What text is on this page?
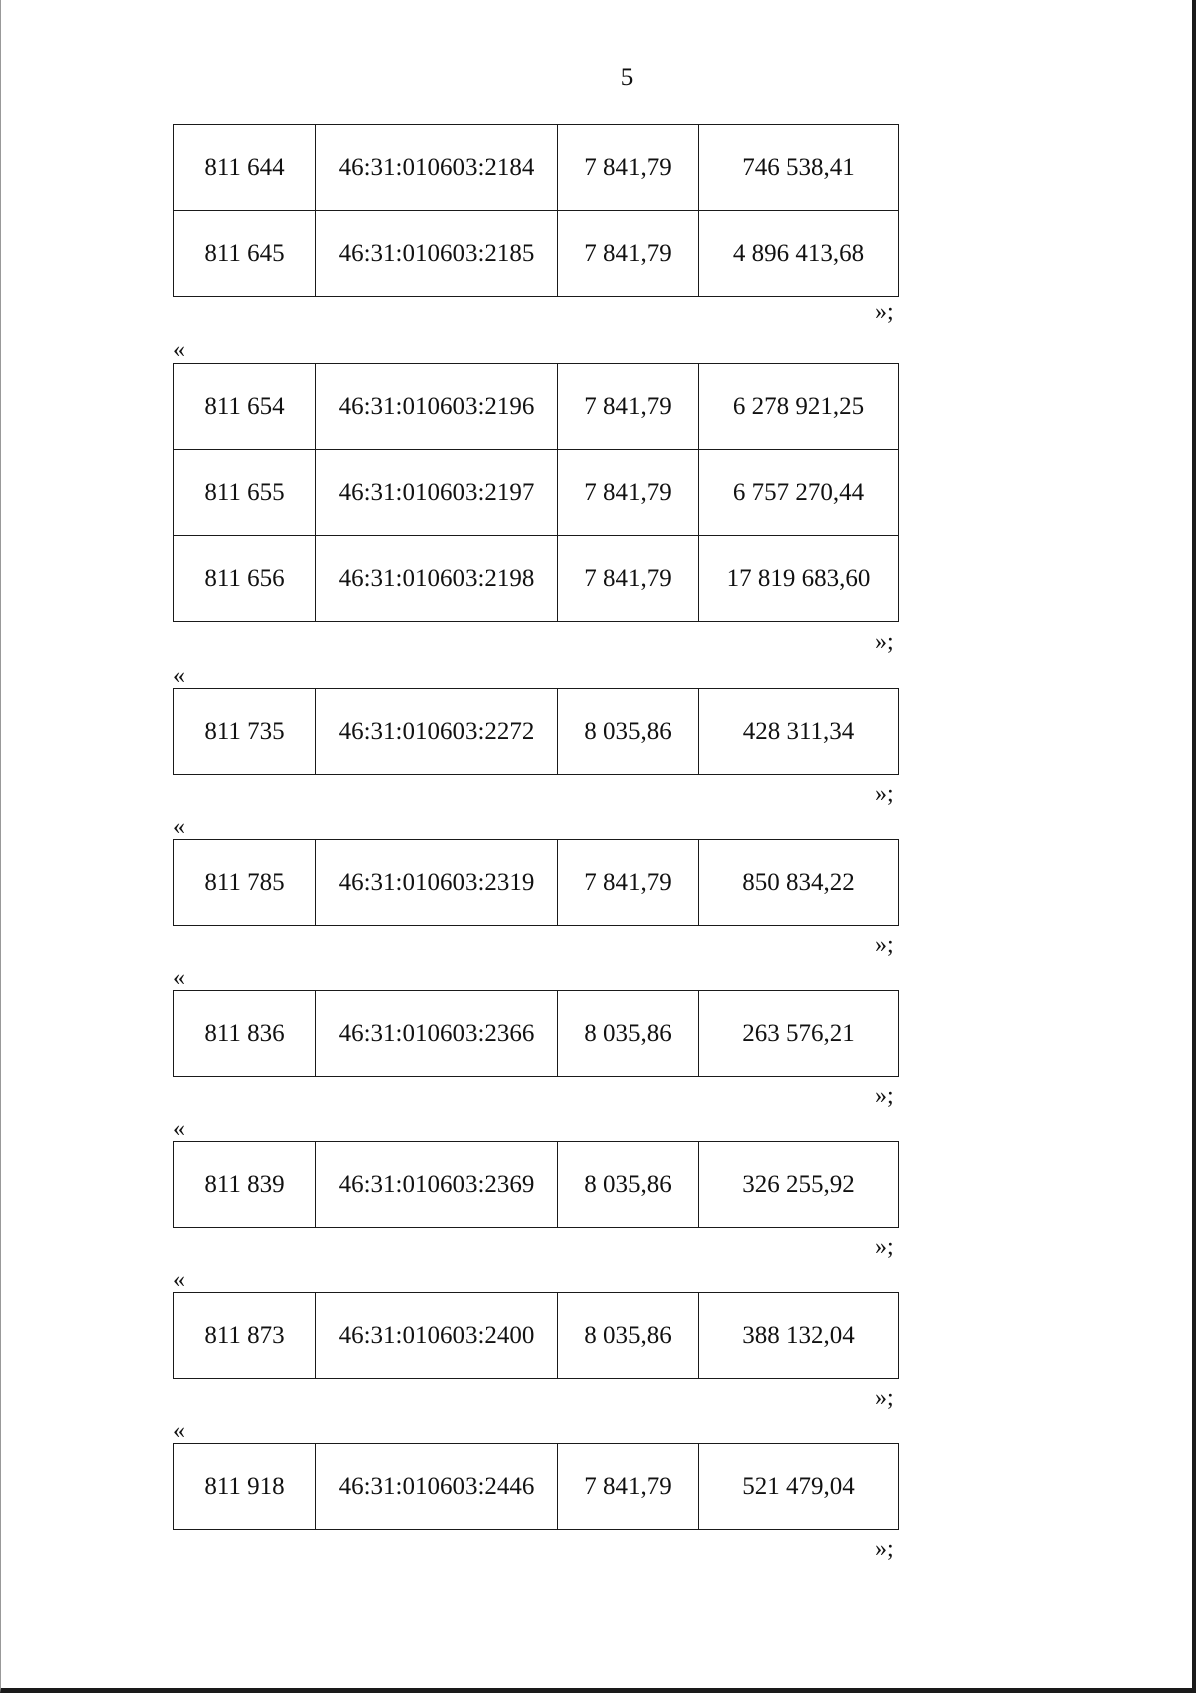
5
811 644	46:31:010603:2184	7 841,79	746 538,41
811 645	46:31:010603:2185	7 841,79	4 896 413,68
»;
«
811 654	46:31:010603:2196	7 841,79	6 278 921,25
811 655	46:31:010603:2197	7 841,79	6 757 270,44
811 656	46:31:010603:2198	7 841,79	17 819 683,60
»;
«
811 735	46:31:010603:2272	8 035,86	428 311,34
»;
«
811 785	46:31:010603:2319	7 841,79	850 834,22
»;
«
811 836	46:31:010603:2366	8 035,86	263 576,21
»;
«
811 839	46:31:010603:2369	8 035,86	326 255,92
»;
«
811 873	46:31:010603:2400	8 035,86	388 132,04
»;
«
811 918	46:31:010603:2446	7 841,79	521 479,04
»;
